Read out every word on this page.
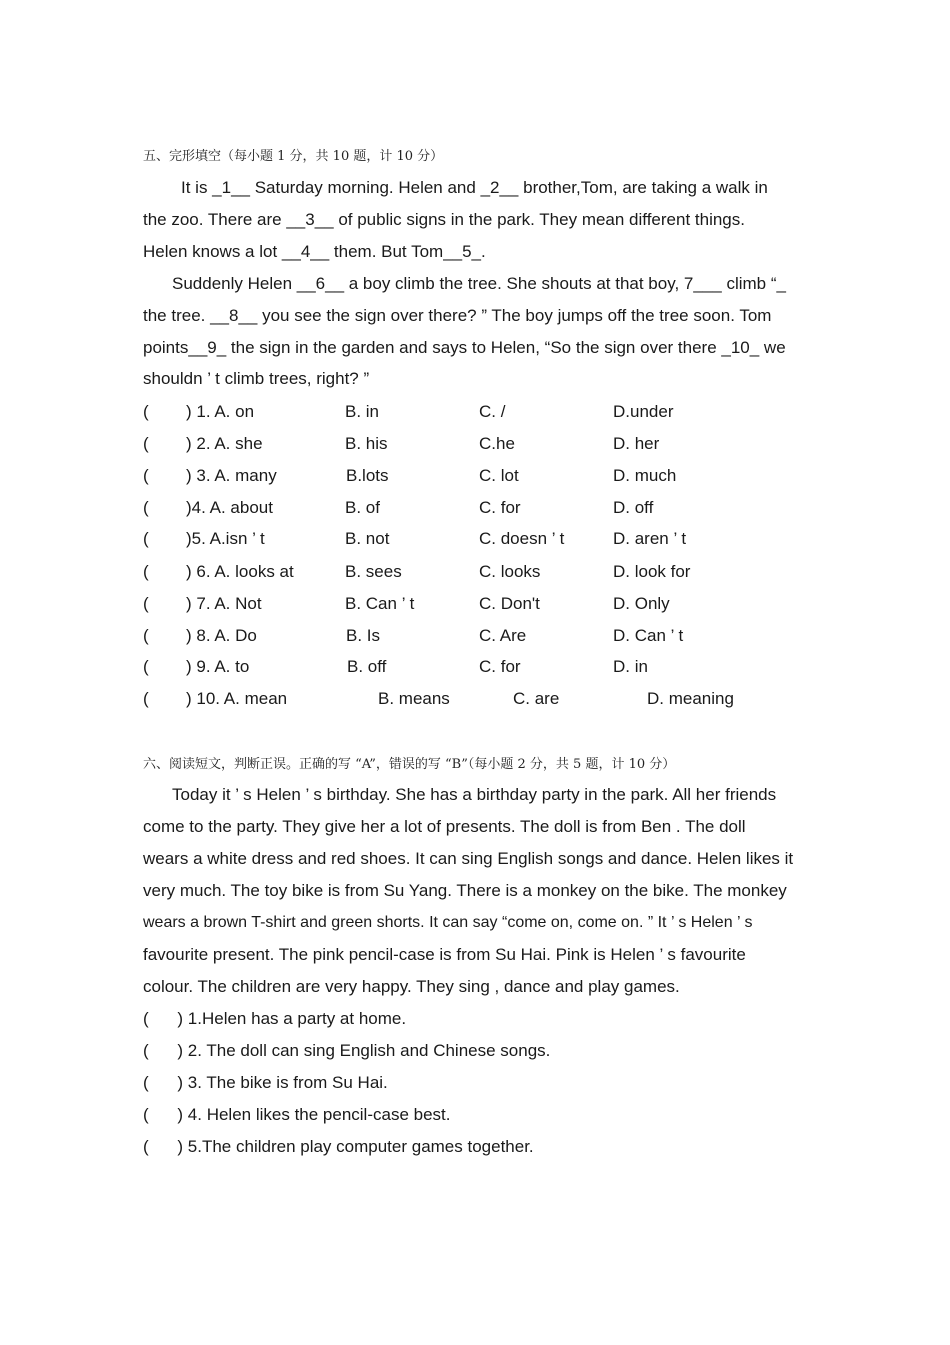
五、完形填空（每小题 1 分，共 10 题，计 10 分）
It is _1__ Saturday morning. Helen and _2__ brother,Tom, are taking a walk in
the zoo. There are __3__ of public signs in the park. They mean different things.
Helen knows a lot __4__ them. But Tom__5_.
Suddenly Helen __6__ a boy climb the tree. She shouts at that boy, 7___ climb “_
the tree. __8__ you see the sign over there? ” The boy jumps off the tree soon. Tom
points__9_ the sign in the garden and says to Helen, “So the sign over there _10_ we
shouldn ’ t climb trees, right? ”
( ) 1. A. on	B. in	C. /	D.under
( ) 2. A. she	B. his	C.he	D. her
( ) 3. A. many	B.lots	C. lot	D. much
( )4. A. about	B. of	C. for	D. off
( )5. A.isn ’ t	B. not	C. doesn ’ t	D. aren ’ t
( ) 6. A. looks at	B. sees	C. looks	D. look for
( ) 7. A. Not	B. Can ’ t	C. Don't	D. Only
( ) 8. A. Do	B. Is	C. Are	D. Can ’ t
( ) 9. A. to	B. off	C. for	D. in
( ) 10. A. mean	B. means	C. are	D. meaning
六、阅读短文，判断正误。正确的写 “A”，错误的写 “B”（每小题 2 分，共 5 题，计 10 分）
Today it ’ s Helen ’ s birthday. She has a birthday party in the park. All her friends
come to the party. They give her a lot of presents. The doll is from Ben . The doll
wears a white dress and red shoes. It can sing English songs and dance. Helen likes it
very much. The toy bike is from Su Yang. There is a monkey on the bike. The monkey
wears a brown T-shirt and green shorts. It can say “come on, come on. ” It ’ s Helen ’ s
favourite present. The pink pencil-case is from Su Hai. Pink is Helen ’ s favourite
colour. The children are very happy. They sing , dance and play games.
( ) 1.Helen has a party at home.
( ) 2. The doll can sing English and Chinese songs.
( ) 3. The bike is from Su Hai.
( ) 4. Helen likes the pencil-case best.
( ) 5.The children play computer games together.
